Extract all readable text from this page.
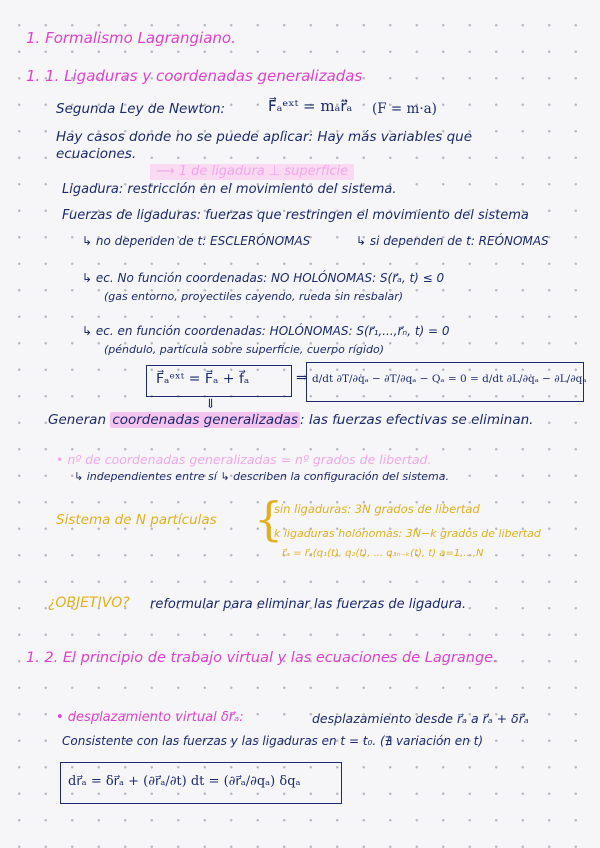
1. Formalismo Lagrangiano.
1. 1. Ligaduras y coordenadas generalizadas
Segunda Ley de Newton:	F⃗ₐᵉˣᵗ = mₐr⃗̈ₐ (F = m·a)
Hay casos donde no se puede aplicar: Hay más variables que
ecuaciones.
⟶ 1 de ligadura ⊥ superficie
Ligadura: restricción en el movimiento del sistema.
Fuerzas de ligaduras: fuerzas que restringen el movimiento del sistema
↳ no dependen de t: ESCLERÓNOMAS	↳ si dependen de t: REÓNOMAS
↳ ec. No función coordenadas: NO HOLÓNOMAS: S(r⃗ₐ, t) ≤ 0
(gas entorno, proyectiles cayendo, rueda sin resbalar)
↳ ec. en función coordenadas: HOLÓNOMAS: S(r⃗₁,...,r⃗ₙ, t) = 0
(péndulo, partícula sobre superficie, cuerpo rígido)
F⃗ₐᵉˣᵗ = F⃗ₐ + f⃗ₐ	⇒ d/dt ∂T/∂q̇ₐ − ∂T/∂qₐ − Qₐ = 0 = d/dt ∂L/∂q̇ₐ − ∂L/∂qₐ
⇓
Generan coordenadas generalizadas : las fuerzas efectivas se eliminan.
• nº de coordenadas generalizadas = nº grados de libertad.
↳ independientes entre sí ↳ describen la configuración del sistema.
Sistema de N partículas {
sin ligaduras: 3N grados de libertad
k ligaduras holónomas: 3N−k grados de libertad
r⃗ₐ = r⃗ₐ(q₁(t), q₂(t), ... q₃ₙ₋ₖ(t), t) a=1,...,N
¿OBJETIVO? reformular para eliminar las fuerzas de ligadura.
1. 2. El principio de trabajo virtual y las ecuaciones de Lagrange.
• desplazamiento virtual δr⃗ₐ:	desplazamiento desde r⃗ₐ a r⃗ₐ + δr⃗ₐ
Consistente con las fuerzas y las ligaduras en t = t₀. (∄ variación en t)
dr⃗ₐ = δr⃗ₐ + (∂r⃗ₐ/∂t) dt = (∂r⃗ₐ/∂qₐ) δqₐ
